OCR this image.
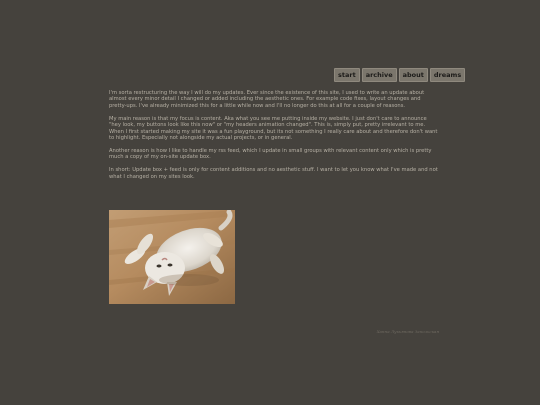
start	archive	about	dreams

I'm sorta restructuring the way I will do my updates. Ever since the existence of this site, I used to write an update about almost every minor detail I changed or added including the aesthetic ones. For example code fixes, layout changes and pretty-ups. I've already minimized this for a little while now and I'll no longer do this at all for a couple of reasons.

My main reason is that my focus is content. Aka what you see me putting inside my website. I just don't care to announce "hey look, my buttons look like this now" or "my headers animation changed". This is, simply put, pretty irrelevant to me. When I first started making my site it was a fun playground, but its not something I really care about and therefore don't want to highlight. Especially not alongside my actual projects, or in general.

Another reason is how I like to handle my rss feed, which I update in small groups with relevant content only which is pretty much a copy of my on-site update box.

In short: Update box + feed is only for content additions and no aesthetic stuff. I want to let you know what I've made and not what I changed on my sites look.

Ханна Лукьянова Запольская
